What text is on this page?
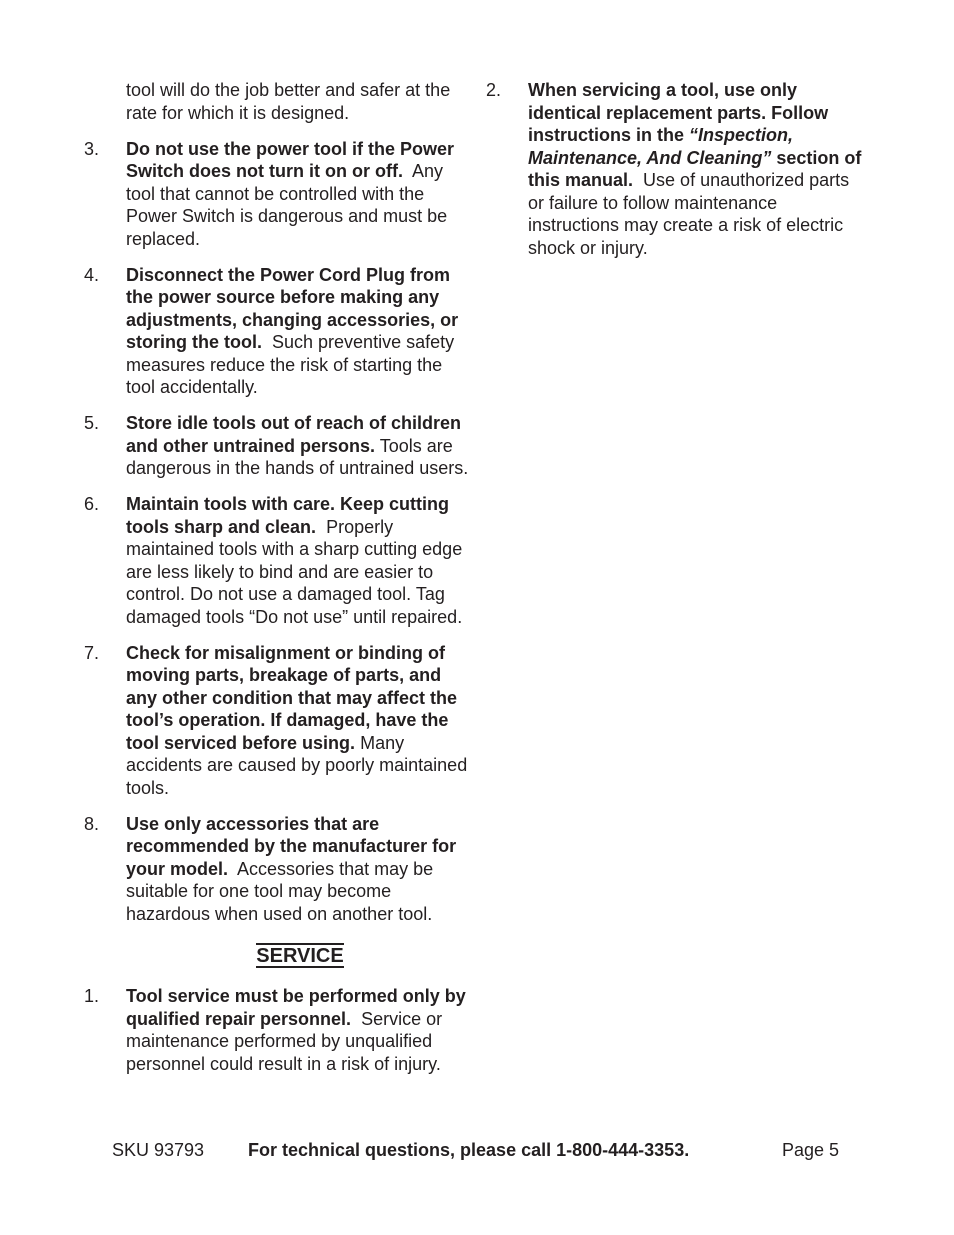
tool will do the job better and safer at the rate for which it is designed.
3. Do not use the power tool if the Power Switch does not turn it on or off. Any tool that cannot be controlled with the Power Switch is dangerous and must be replaced.
4. Disconnect the Power Cord Plug from the power source before making any adjustments, changing accessories, or storing the tool. Such preventive safety measures reduce the risk of starting the tool accidentally.
5. Store idle tools out of reach of children and other untrained persons. Tools are dangerous in the hands of untrained users.
6. Maintain tools with care. Keep cutting tools sharp and clean. Properly maintained tools with a sharp cutting edge are less likely to bind and are easier to control. Do not use a damaged tool. Tag damaged tools “Do not use” until repaired.
7. Check for misalignment or binding of moving parts, breakage of parts, and any other condition that may affect the tool’s operation. If damaged, have the tool serviced before using. Many accidents are caused by poorly maintained tools.
8. Use only accessories that are recommended by the manufacturer for your model. Accessories that may be suitable for one tool may become hazardous when used on another tool.
SERVICE
1. Tool service must be performed only by qualified repair personnel. Service or maintenance performed by unqualified personnel could result in a risk of injury.
2. When servicing a tool, use only identical replacement parts. Follow instructions in the “Inspection, Maintenance, And Cleaning” section of this manual. Use of unauthorized parts or failure to follow maintenance instructions may create a risk of electric shock or injury.
SKU 93793 For technical questions, please call 1-800-444-3353.	Page 5
